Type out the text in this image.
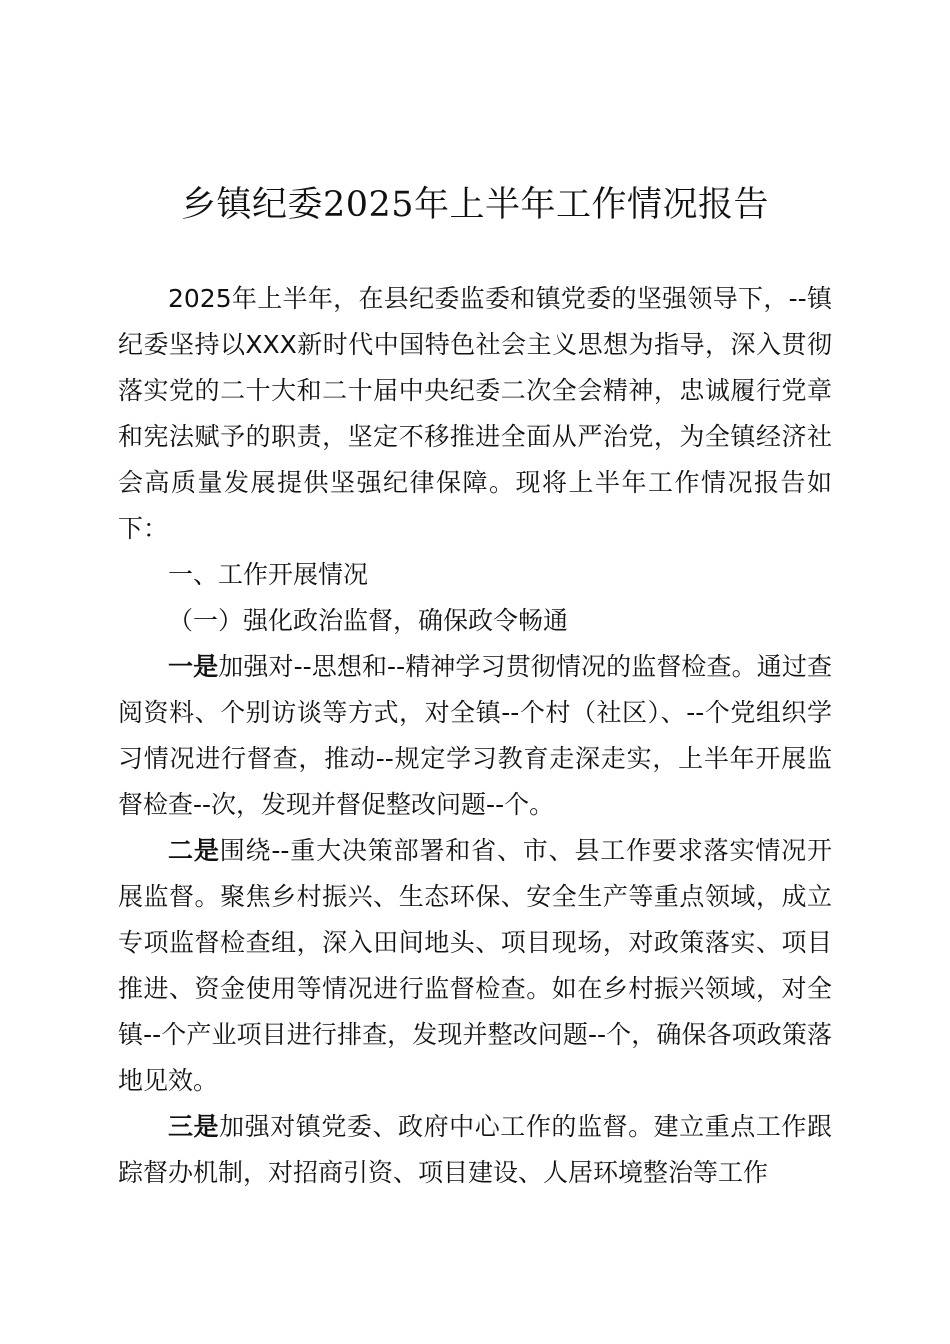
乡镇纪委2025年上半年工作情况报告

2025年上半年，在县纪委监委和镇党委的坚强领导下，--镇纪委坚持以XXX新时代中国特色社会主义思想为指导，深入贯彻落实党的二十大和二十届中央纪委二次全会精神，忠诚履行党章和宪法赋予的职责，坚定不移推进全面从严治党，为全镇经济社会高质量发展提供坚强纪律保障。现将上半年工作情况报告如下：

一、工作开展情况

（一）强化政治监督，确保政令畅通

一是加强对--思想和--精神学习贯彻情况的监督检查。通过查阅资料、个别访谈等方式，对全镇--个村（社区）、--个党组织学习情况进行督查，推动--规定学习教育走深走实，上半年开展监督检查--次，发现并督促整改问题--个。

二是围绕--重大决策部署和省、市、县工作要求落实情况开展监督。聚焦乡村振兴、生态环保、安全生产等重点领域，成立专项监督检查组，深入田间地头、项目现场，对政策落实、项目推进、资金使用等情况进行监督检查。如在乡村振兴领域，对全镇--个产业项目进行排查，发现并整改问题--个，确保各项政策落地见效。

三是加强对镇党委、政府中心工作的监督。建立重点工作跟踪督办机制，对招商引资、项目建设、人居环境整治等工作
